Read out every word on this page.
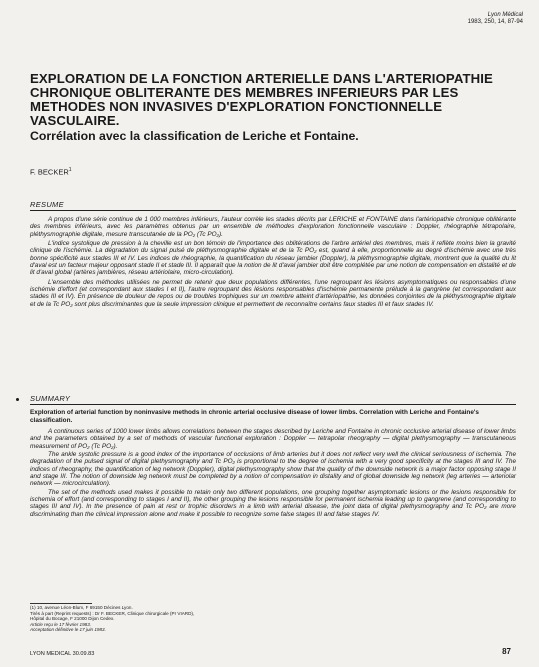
Lyon Médical
1983, 250, 14, 87-94
EXPLORATION DE LA FONCTION ARTERIELLE DANS L'ARTERIOPATHIE CHRONIQUE OBLITERANTE DES MEMBRES INFERIEURS PAR LES METHODES NON INVASIVES D'EXPLORATION FONCTIONNELLE VASCULAIRE.
Corrélation avec la classification de Leriche et Fontaine.
F. BECKER$^1$
RESUME

A propos d'une série continue de 1 000 membres inférieurs, l'auteur corrèle les stades décrits par LERICHE et FONTAINE dans l'artériopathie chronique oblitérante des membres inférieurs, avec les paramètres obtenus par un ensemble de méthodes d'exploration fonctionnelle vasculaire : Doppler, rhéographie tétrapolaire, pléthysmographie digitale, mesure transcutanée de la PO₂ (Tc PO₂).

L'indice systolique de pression à la cheville est un bon témoin de l'importance des oblitérations de l'arbre artériel des membres, mais il reflète moins bien la gravité clinique de l'ischémie. La dégradation du signal pulsé de pléthysmographie digitale et de la Tc PO₂ est, quand à elle, proportionnelle au degré d'ischémie avec une très bonne spécificité aux stades III et IV. Les indices de rhéographie, la quantification du réseau jambier (Doppler), la pléthysmographie digitale, montrent que la qualité du lit d'aval est un facteur majeur opposant stade II et stade III. Il apparaît que la notion de lit d'aval jambier doit être complétée par une notion de compensation en distalité et de lit d'aval global (artères jambières, réseau artériolaire, micro-circulation).

L'ensemble des méthodes utilisées ne permet de retenir que deux populations différentes, l'une regroupant les lésions asymptomatiques ou responsables d'une ischémie d'effort (et correspondant aux stades I et II), l'autre regroupant des lésions responsables d'ischémie permanente prélude à la gangrène (et correspondant aux stades III et IV). En présence de douleur de repos ou de troubles trophiques sur un membre atteint d'artériopathie, les données conjointes de la pléthysmographie digitale et de la Tc PO₂ sont plus discriminantes que la seule impression clinique et permettent de reconnaître certains faux stades III et faux stades IV.

SUMMARY
Exploration of arterial function by noninvasive methods in chronic arterial occlusive disease of lower limbs. Correlation with Leriche and Fontaine's classification.

A continuous series of 1000 lower limbs allows correlations between the stages described by Leriche and Fontaine in chronic occlusive arterial disease of lower limbs and the parameters obtained by a set of methods of vascular functional exploration : Doppler — tetrapolar rheography — digital plethysmography — transcutaneous measurement of PO₂ (Tc PO₂).

The ankle systolic pressure is a good index of the importance of occlusions of limb arteries but it does not reflect very well the clinical seriousness of ischemia. The degradation of the pulsed signal of digital plethysmography and Tc PO₂ is proportional to the degree of ischemia with a very good specificity at the stages III and IV. The indices of rheography, the quantification of leg network (Doppler), digital plethysmography show that the quality of the downside network is a major factor opposing stage II and stage III. The notion of downside leg network must be completed by a notion of compensation in distality and of global downside leg network (leg arteries — arteriolar network — microcirculation).

The set of the methods used makes it possible to retain only two different populations, one grouping together asymptomatic lesions or the lesions responsible for ischemia of effort (and corresponding to stages I and II), the other grouping the lesions responsible for permanent ischemia leading up to gangrene (and corresponding to stages III and IV). In the presence of pain at rest or trophic disorders in a limb with arterial disease, the joint data of digital plethysmography and Tc PO₂ are more discriminating than the clinical impression alone and make it possible to recognize some false stages III and false stages IV.

(1) 10, avenue Léon-Blum, F 69150 Décines Lyon.
Tirés à part (Reprint requests) : Dr F. BECKER, Clinique chirurgicale (Pr VIARD),
Hôpital du Bocage, F 21000 Dijon Cedex.
Article reçu le 17 février 1983.
Acceptation définitive le 17 juin 1983.
LYON MEDICAL 30.09.83	87
